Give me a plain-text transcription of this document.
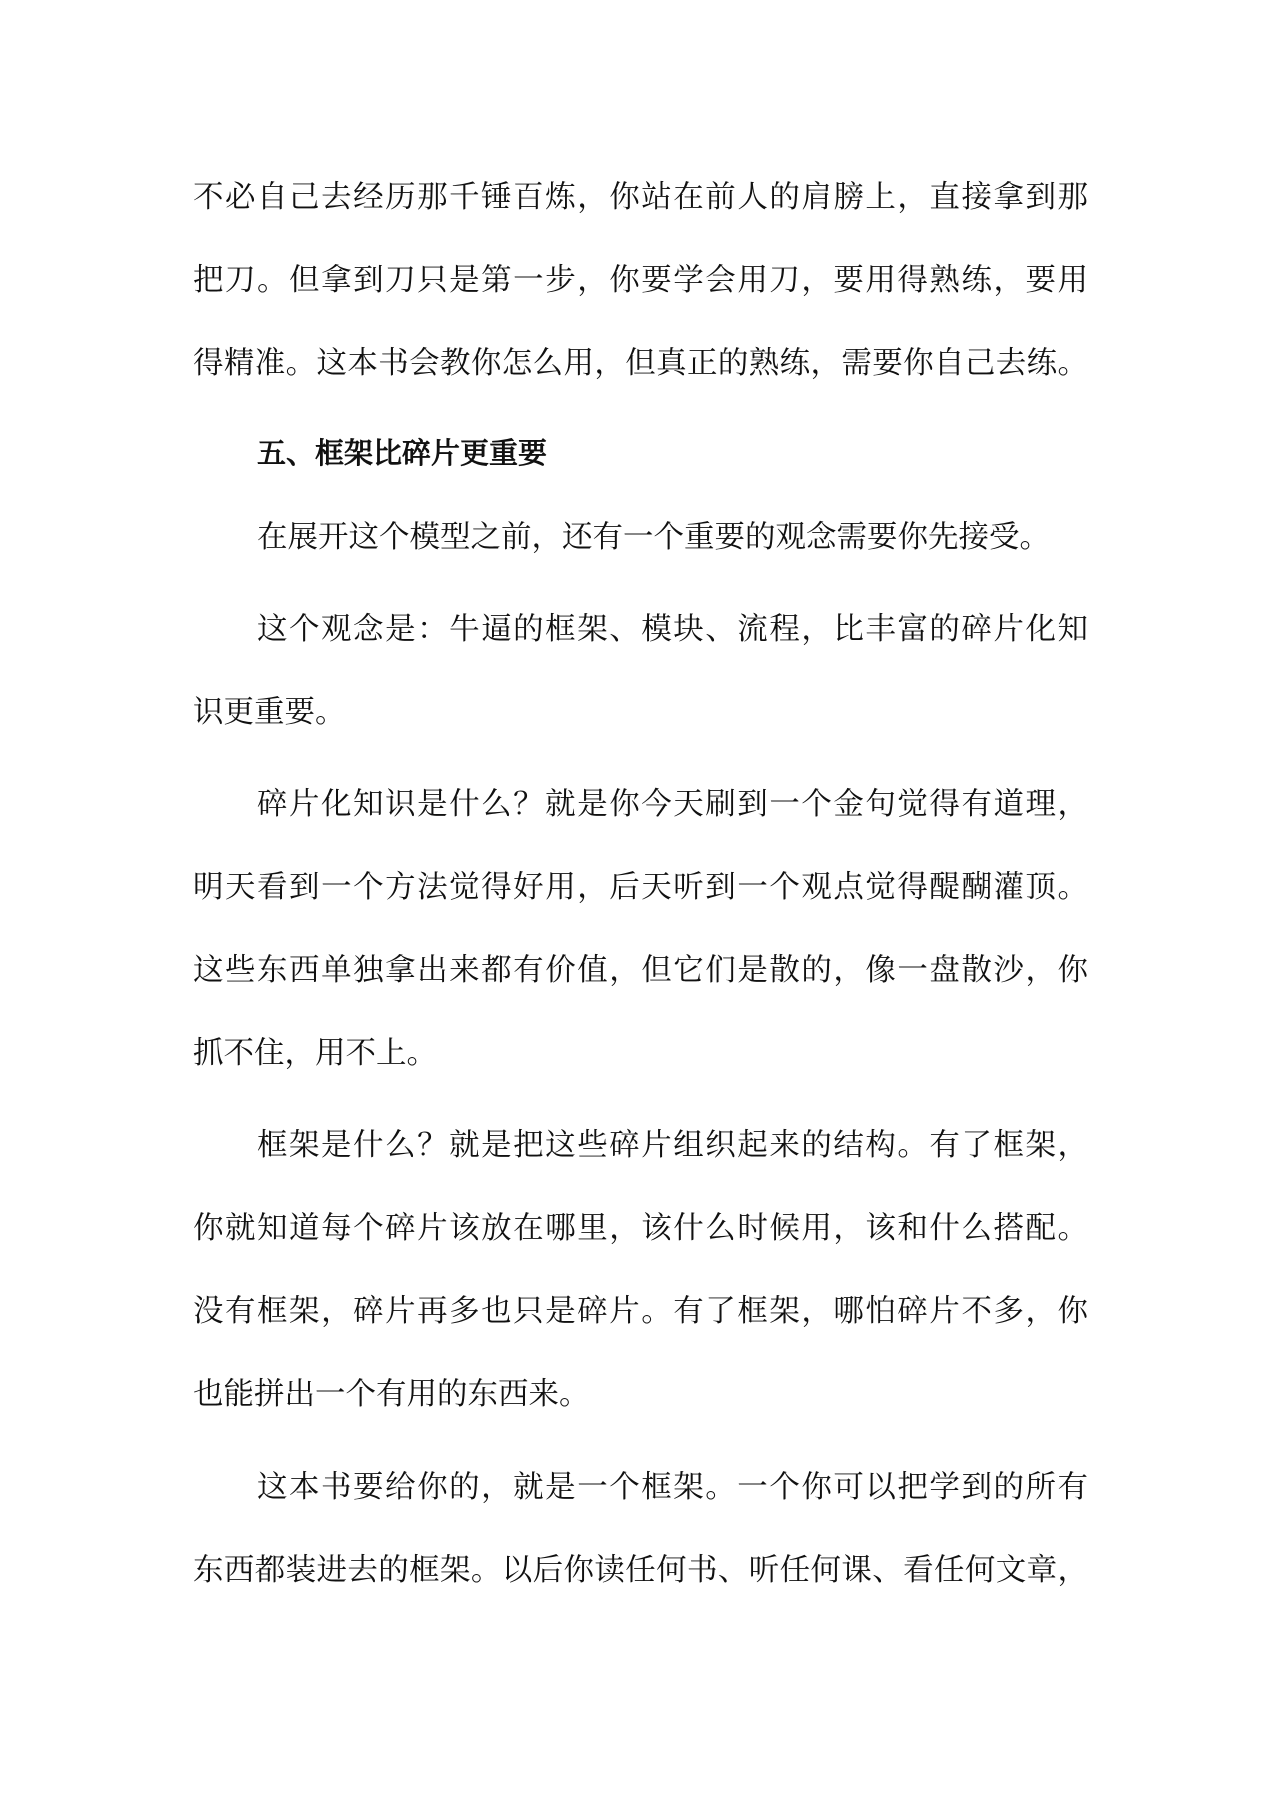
不必自己去经历那千锤百炼，你站在前人的肩膀上，直接拿到那
把刀。但拿到刀只是第一步，你要学会用刀，要用得熟练，要用
得精准。这本书会教你怎么用，但真正的熟练，需要你自己去练。
五、框架比碎片更重要
在展开这个模型之前，还有一个重要的观念需要你先接受。
这个观念是：牛逼的框架、模块、流程，比丰富的碎片化知
识更重要。
碎片化知识是什么？就是你今天刷到一个金句觉得有道理，
明天看到一个方法觉得好用，后天听到一个观点觉得醍醐灌顶。
这些东西单独拿出来都有价值，但它们是散的，像一盘散沙，你
抓不住，用不上。
框架是什么？就是把这些碎片组织起来的结构。有了框架，
你就知道每个碎片该放在哪里，该什么时候用，该和什么搭配。
没有框架，碎片再多也只是碎片。有了框架，哪怕碎片不多，你
也能拼出一个有用的东西来。
这本书要给你的，就是一个框架。一个你可以把学到的所有
东西都装进去的框架。以后你读任何书、听任何课、看任何文章，
